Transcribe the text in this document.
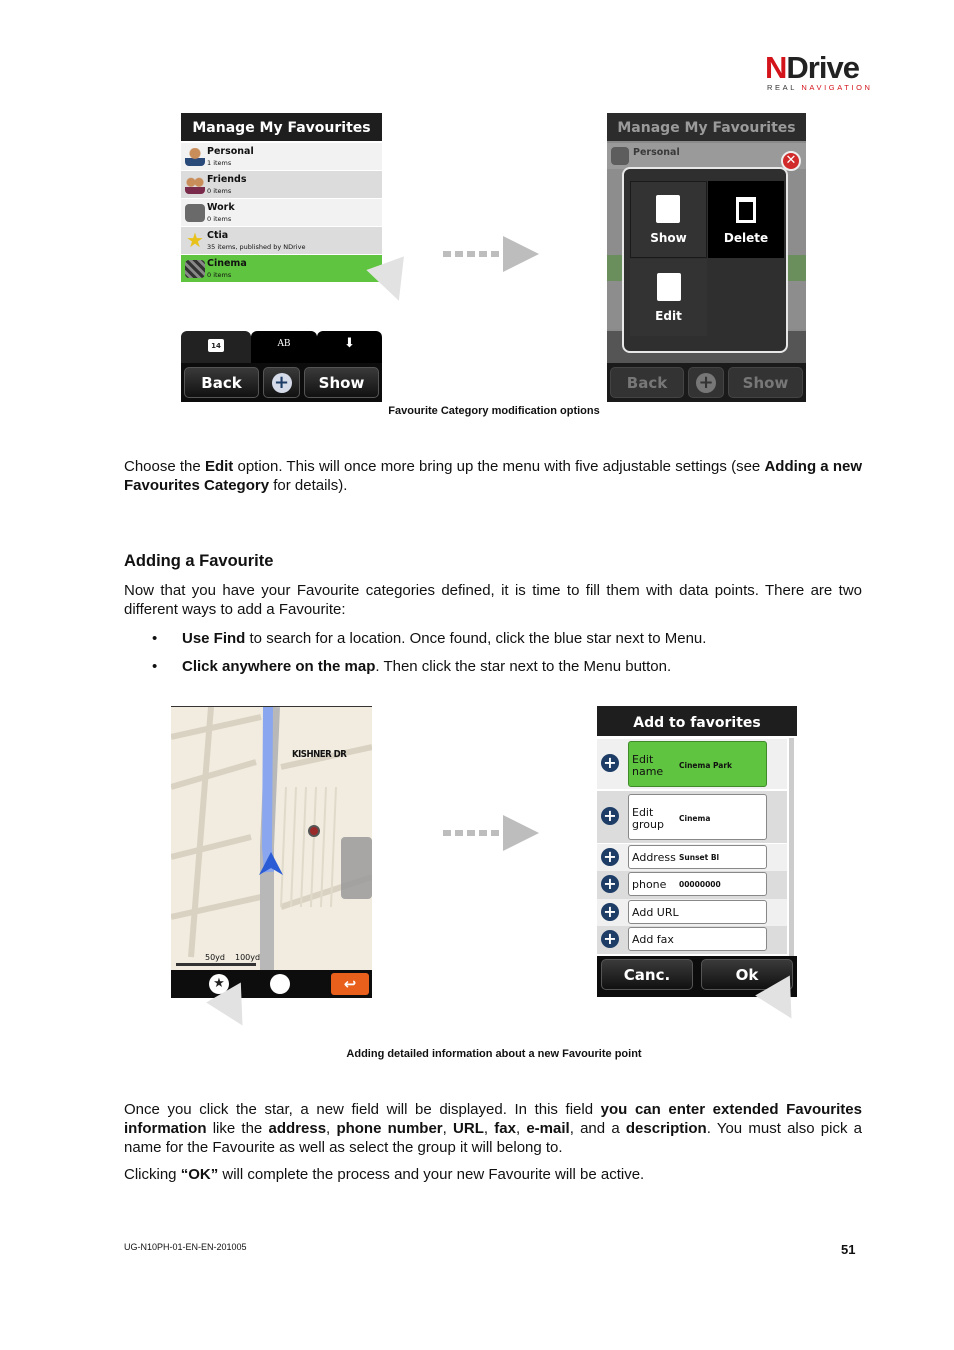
NDrive
REAL NAVIGATION
Manage My Favourites
Personal
1 items
Friends
0 items
Work
0 items
★ Ctia
35 items, published by NDrive
Cinema
0 items
14	AB	⬇
Back	+	Show
Manage My Favourites
Personal
Back	+	Show
Show	Delete
Edit
✕
Favourite Category modification options
Choose the Edit option. This will once more bring up the menu with five adjustable settings (see Adding a new Favourites Category for details).
Adding a Favourite
Now that you have your Favourite categories defined, it is time to fill them with data points. There are two different ways to add a Favourite:
• Use Find to search for a location. Once found, click the blue star next to Menu.
• Click anywhere on the map. Then click the star next to the Menu button.
KISHNER DR
50yd 100yd
★	↩
Add to favorites
+ Edit name	Cinema Park
+ Edit group	Cinema
+ Address Sunset Bl
+ phone 00000000
+ Add URL
+ Add fax
Canc.	Ok
Adding detailed information about a new Favourite point
Once you click the star, a new field will be displayed. In this field you can enter extended Favourites information like the address, phone number, URL, fax, e-mail, and a description. You must also pick a name for the Favourite as well as select the group it will belong to.
Clicking “OK” will complete the process and your new Favourite will be active.
UG-N10PH-01-EN-EN-201005	51
